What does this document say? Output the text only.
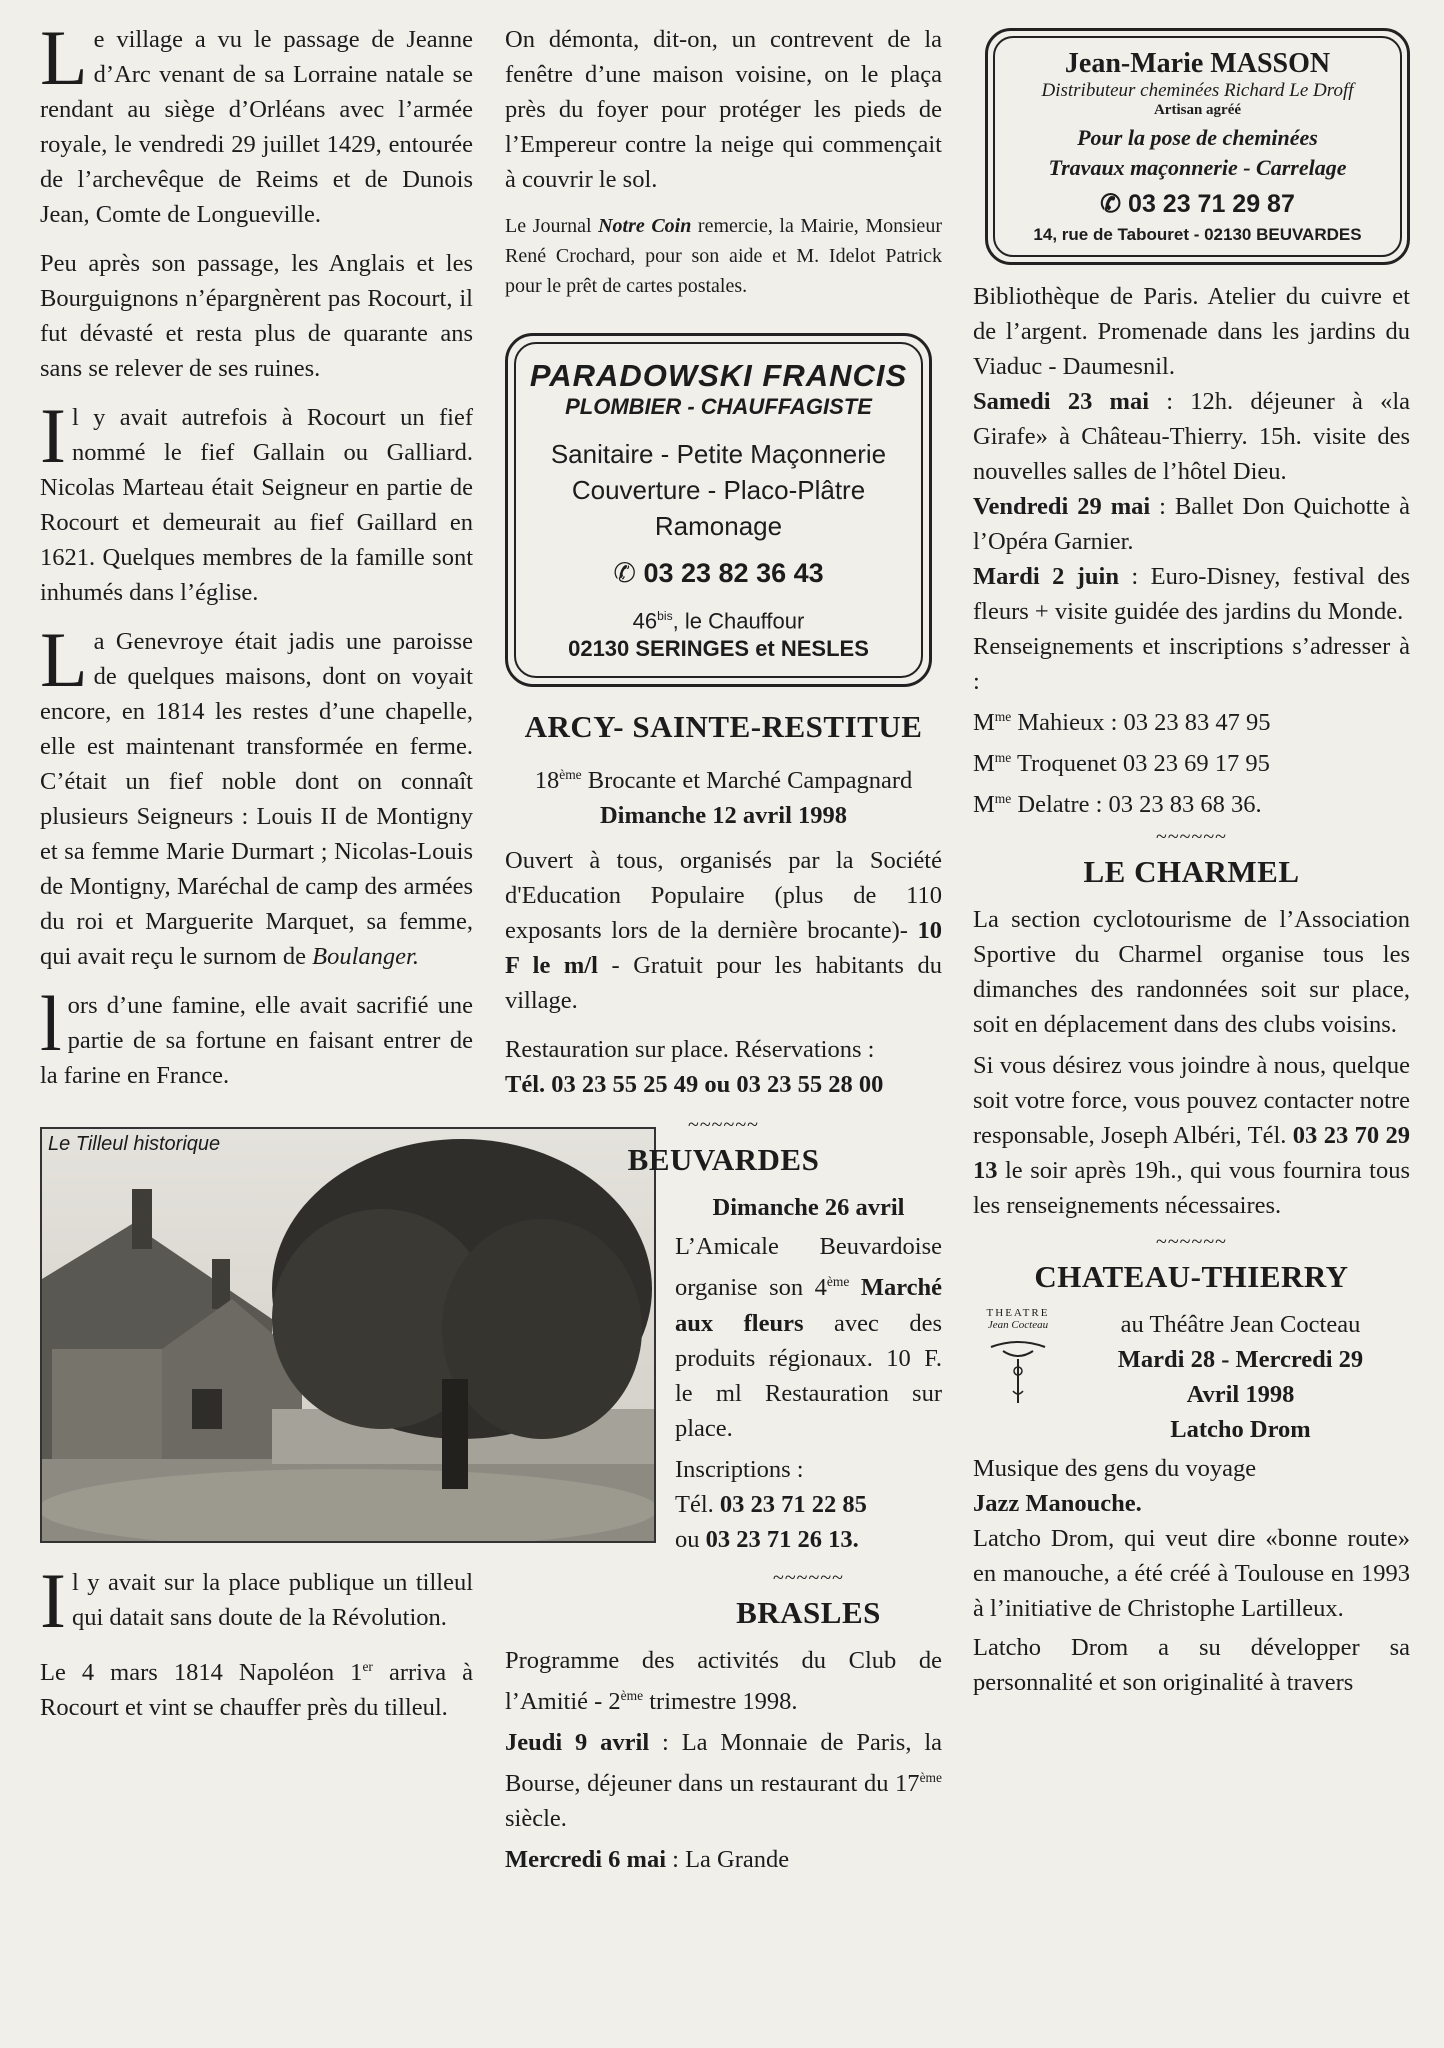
Le village a vu le passage de Jeanne d’Arc venant de sa Lorraine natale se rendant au siège d’Orléans avec l’armée royale, le vendredi 29 juillet 1429, entourée de l’archevêque de Reims et de Dunois Jean, Comte de Longueville.

Peu après son passage, les Anglais et les Bourguignons n’épargnèrent pas Rocourt, il fut dévasté et resta plus de quarante ans sans se relever de ses ruines.

Il y avait autrefois à Rocourt un fief nommé le fief Gallain ou Galliard. Nicolas Marteau était Seigneur en partie de Rocourt et demeurait au fief Gaillard en 1621. Quelques membres de la famille sont inhumés dans l’église.

La Genevroye était jadis une paroisse de quelques maisons, dont on voyait encore, en 1814 les restes d’une chapelle, elle est maintenant transformée en ferme. C’était un fief noble dont on connaît plusieurs Seigneurs : Louis II de Montigny et sa femme Marie Durmart ; Nicolas-Louis de Montigny, Maréchal de camp des armées du roi et Marguerite Marquet, sa femme, qui avait reçu le surnom de Boulanger.

lors d’une famine, elle avait sacrifié une partie de sa fortune en faisant entrer de la farine en France.

Le Tilleul historique

Il y avait sur la place publique un tilleul qui datait sans doute de la Révolution.

Le 4 mars 1814 Napoléon 1er arriva à Rocourt et vint se chauffer près du tilleul.

On démonta, dit-on, un contrevent de la fenêtre d’une maison voisine, on le plaça près du foyer pour protéger les pieds de l’Empereur contre la neige qui commençait à couvrir le sol.

Le Journal Notre Coin remercie, la Mairie, Monsieur René Crochard, pour son aide et M. Idelot Patrick pour le prêt de cartes postales.

PARADOWSKI FRANCIS
PLOMBIER - CHAUFFAGISTE
Sanitaire - Petite Maçonnerie
Couverture - Placo-Plâtre
Ramonage
✆ 03 23 82 36 43
$46^{bis}$, le Chauffour
02130 SERINGES et NESLES
ARCY- SAINTE-RESTITUE
18ème Brocante et Marché Campagnard
Dimanche 12 avril 1998

Ouvert à tous, organisés par la Société d'Education Populaire (plus de 110 exposants lors de la dernière brocante)- 10 F le m/l - Gratuit pour les habitants du village.

Restauration sur place. Réservations :

Tél. 03 23 55 25 49 ou 03 23 55 28 00

~~~~~~
BEUVARDES
Dimanche 26 avril

L’Amicale Beuvardoise organise son 4ème Marché aux fleurs avec des produits régionaux. 10 F. le ml Restauration sur place.

Inscriptions :
Tél. 03 23 71 22 85
ou 03 23 71 26 13.
~~~~~~
BRASLES

Programme des activités du Club de l’Amitié - 2ème trimestre 1998.

Jeudi 9 avril : La Monnaie de Paris, la Bourse, déjeuner dans un restaurant du 17ème siècle.

Mercredi 6 mai : La Grande

Jean-Marie MASSON
Distributeur cheminées Richard Le Droff
Artisan agréé
Pour la pose de cheminées
Travaux maçonnerie - Carrelage
✆ 03 23 71 29 87
14, rue de Tabouret - 02130 BEUVARDES

Bibliothèque de Paris. Atelier du cuivre et de l’argent. Promenade dans les jardins du Viaduc - Daumesnil.

Samedi 23 mai : 12h. déjeuner à «la Girafe» à Château-Thierry. 15h. visite des nouvelles salles de l’hôtel Dieu.

Vendredi 29 mai : Ballet Don Quichotte à l’Opéra Garnier.

Mardi 2 juin : Euro-Disney, festival des fleurs + visite guidée des jardins du Monde.

Renseignements et inscriptions s’adresser à :

$M^{me}$ Mahieux : 03 23 83 47 95
$M^{me}$ Troquenet 03 23 69 17 95
$M^{me}$ Delatre : 03 23 83 68 36.
~~~~~~
LE CHARMEL

La section cyclotourisme de l’Association Sportive du Charmel organise tous les dimanches des randonnées soit sur place, soit en déplacement dans des clubs voisins.

Si vous désirez vous joindre à nous, quelque soit votre force, vous pouvez contacter notre responsable, Joseph Albéri, Tél. 03 23 70 29 13 le soir après 19h., qui vous fournira tous les renseignements nécessaires.

~~~~~~
CHATEAU-THIERRY
THEATRE
Jean Cocteau	au Théâtre Jean Cocteau
Mardi 28 - Mercredi 29
Avril 1998
Latcho Drom
Musique des gens du voyage
Jazz Manouche.

Latcho Drom, qui veut dire «bonne route» en manouche, a été créé à Toulouse en 1993 à l’initiative de Christophe Lartilleux.

Latcho Drom a su développer sa personnalité et son originalité à travers
